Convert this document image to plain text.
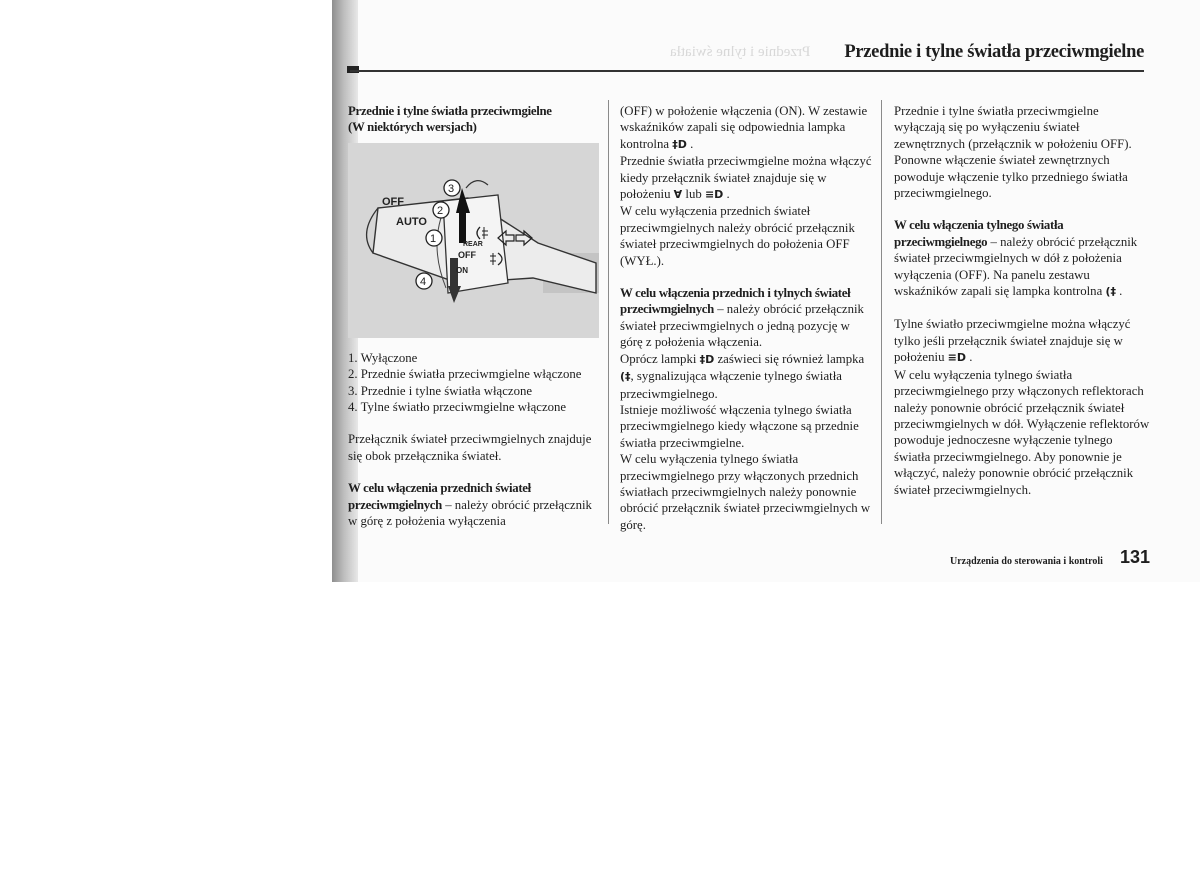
Przednie i tylne światła Przednie i tylne światła przeciwmgielne

Przednie i tylne światła przeciwmgielne

(W niektórych wersjach)

1. Wyłączone

2. Przednie światła przeciwmgielne włączone

3. Przednie i tylne światła włączone

4. Tylne światło przeciwmgielne włączone

Przełącznik świateł przeciwmgielnych znajduje się obok przełącznika świateł.

W celu włączenia przednich świateł przeciwmgielnych – należy obrócić przełącznik w górę z położenia wyłączenia

OFF
AUTO
REAR
OFF
ON
3
2
1
4

(OFF) w położenie włączenia (ON). W zestawie wskaźników zapali się odpowiednia lampka kontrolna ‡D .

Przednie światła przeciwmgielne można włączyć kiedy przełącznik świateł znajduje się w położeniu ∀ lub ≡D .

W celu wyłączenia przednich świateł przeciwmgielnych należy obrócić przełącznik świateł przeciwmgielnych do położenia OFF (WYŁ.).

W celu włączenia przednich i tylnych świateł przeciwmgielnych – należy obrócić przełącznik świateł przeciwmgielnych o jedną pozycję w górę z położenia włączenia.

Oprócz lampki ‡D zaświeci się również lampka (‡, sygnalizująca włączenie tylnego światła przeciwmgielnego.

Istnieje możliwość włączenia tylnego światła przeciwmgielnego kiedy włączone są przednie światła przeciwmgielne.

W celu wyłączenia tylnego światła przeciwmgielnego przy włączonych przednich światłach przeciwmgielnych należy ponownie obrócić przełącznik świateł przeciwmgielnych w górę.

Przednie i tylne światła przeciwmgielne wyłączają się po wyłączeniu świateł zewnętrznych (przełącznik w położeniu OFF). Ponowne włączenie świateł zewnętrznych powoduje włączenie tylko przedniego światła przeciwmgielnego.

W celu włączenia tylnego światła przeciwmgielnego – należy obrócić przełącznik świateł przeciwmgielnych w dół z położenia wyłączenia (OFF). Na panelu zestawu wskaźników zapali się lampka kontrolna (‡ .

Tylne światło przeciwmgielne można włączyć tylko jeśli przełącznik świateł znajduje się w położeniu ≡D .

W celu wyłączenia tylnego światła przeciwmgielnego przy włączonych reflektorach należy ponownie obrócić przełącznik świateł przeciwmgielnych w dół. Wyłączenie reflektorów powoduje jednoczesne wyłączenie tylnego światła przeciwmgielnego. Aby ponownie je włączyć, należy ponownie obrócić przełącznik świateł przeciwmgielnych.

Urządzenia do sterowania i kontroli 131
